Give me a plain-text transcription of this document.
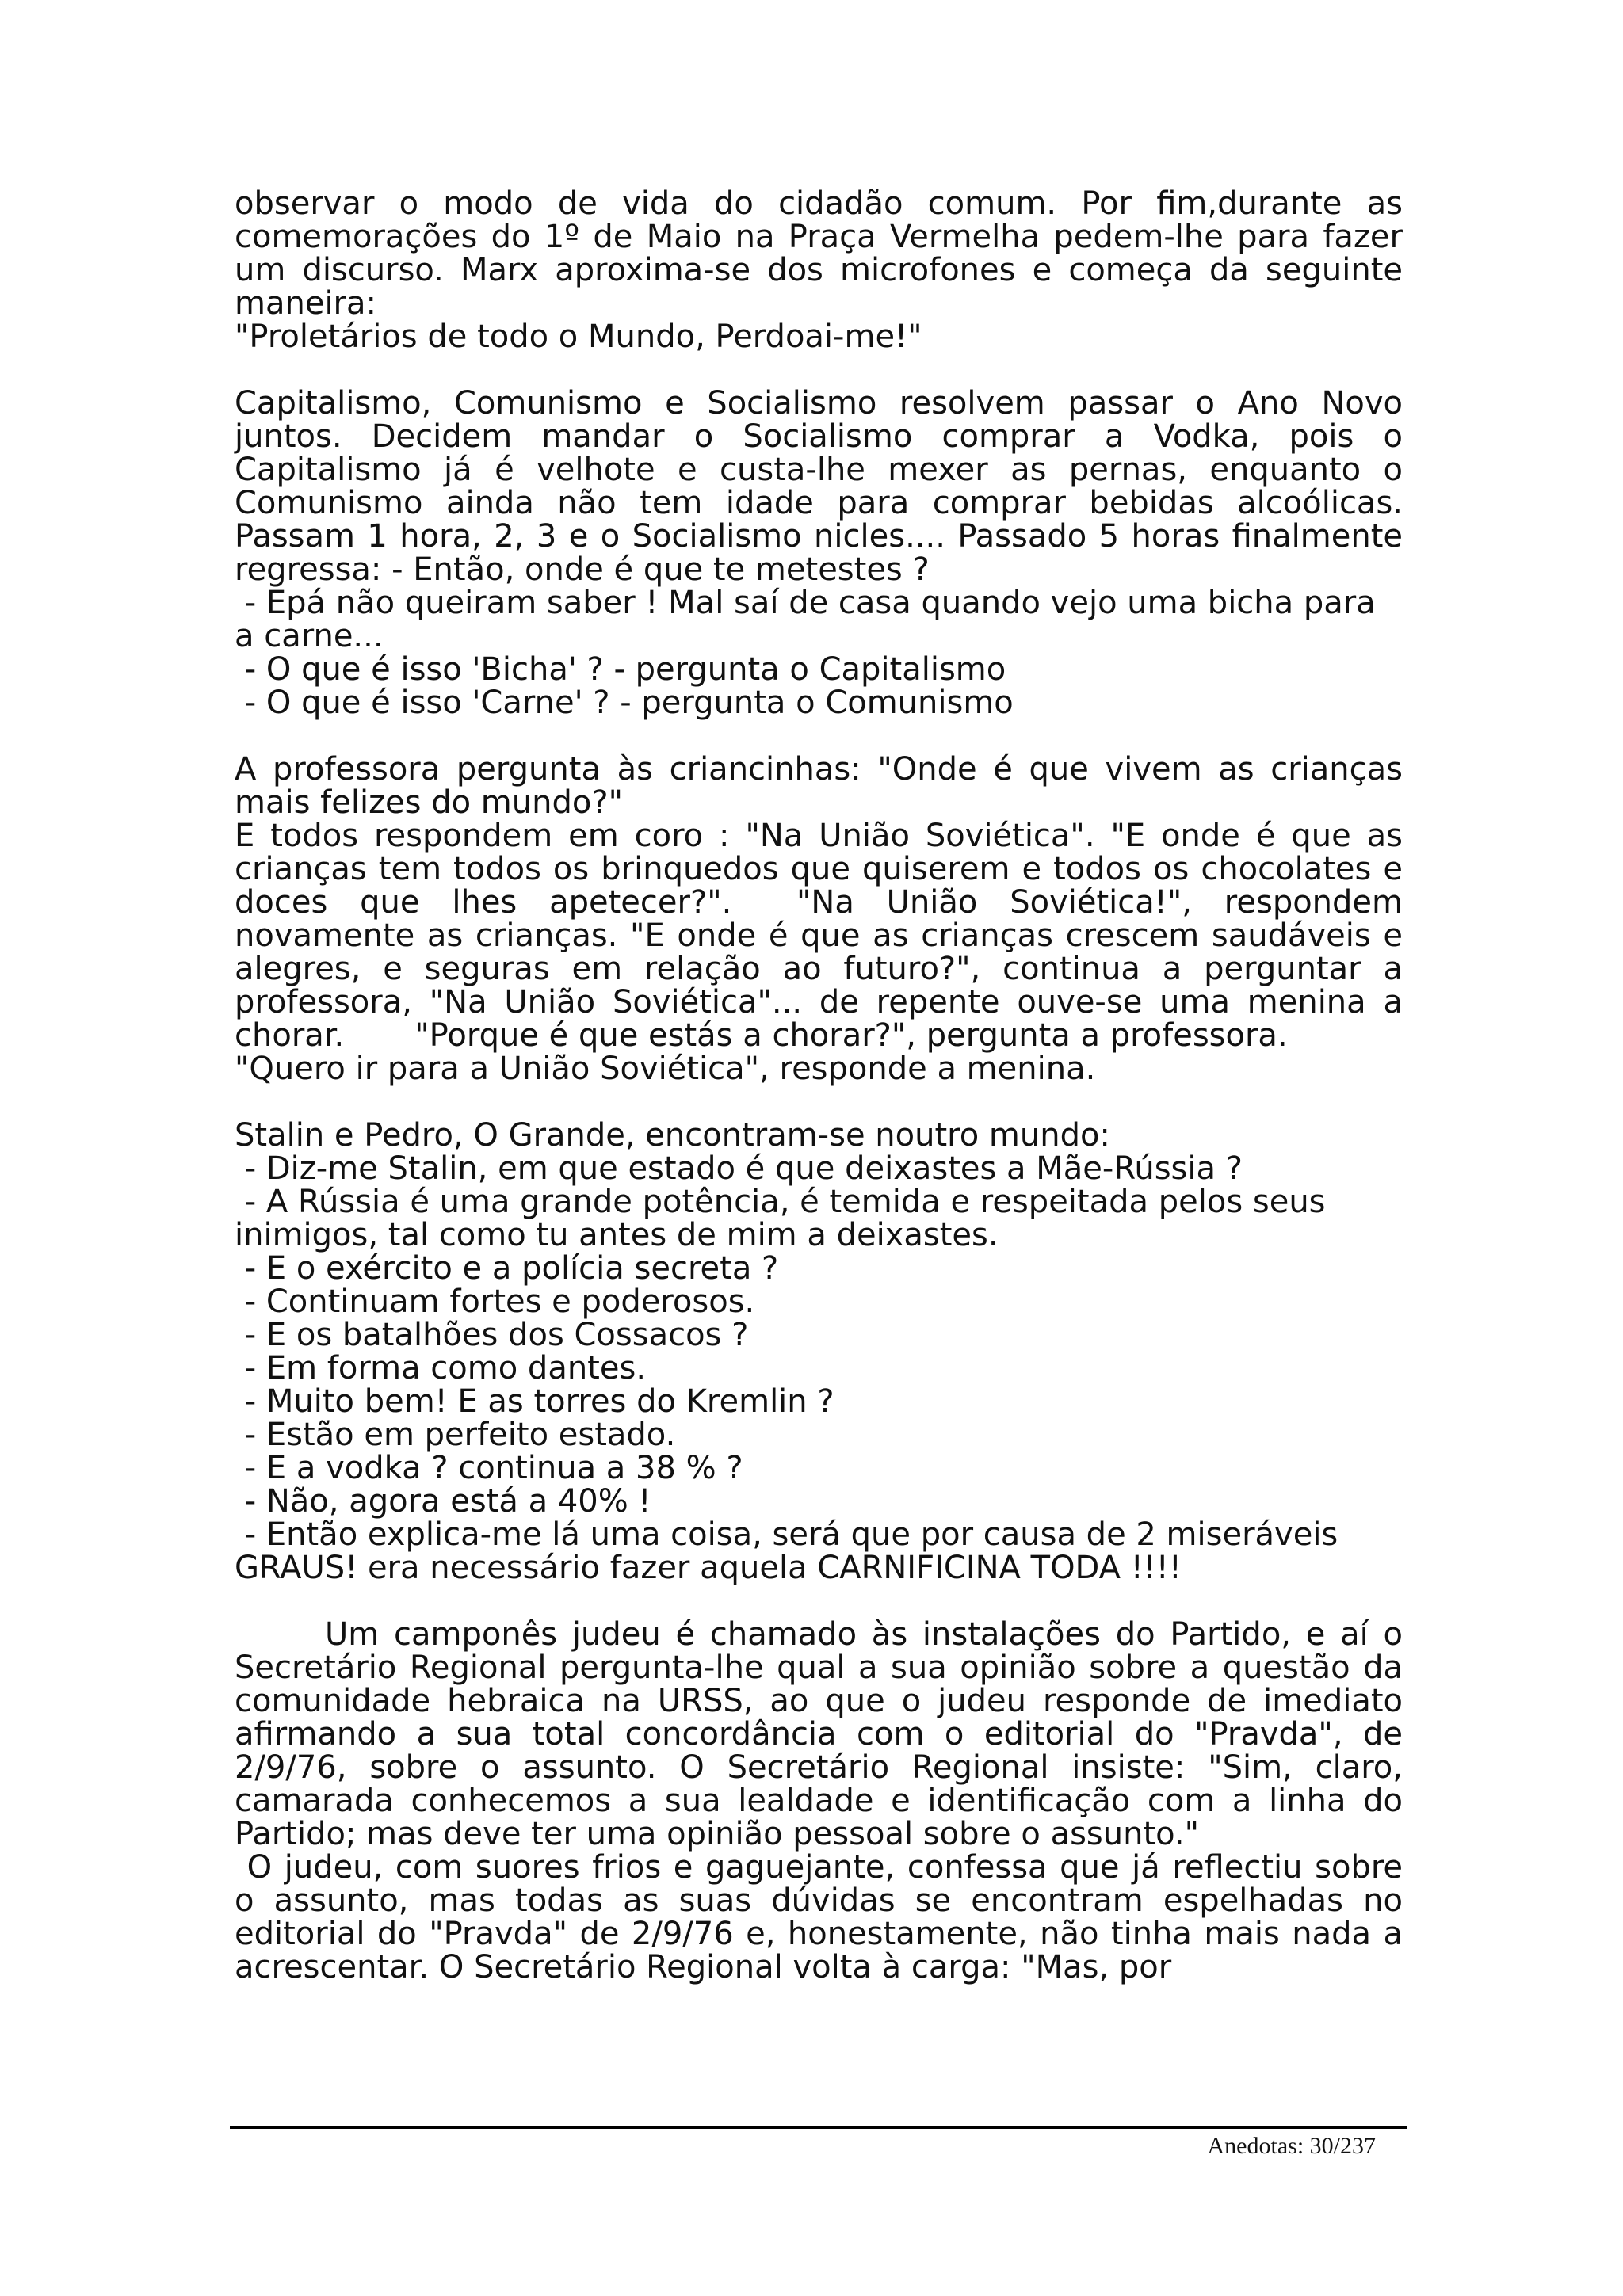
observar o modo de vida do cidadão comum. Por fim,durante as comemorações do 1º de Maio na Praça Vermelha pedem-lhe para fazer um discurso. Marx aproxima-se dos microfones e começa da seguinte maneira:

"Proletários de todo o Mundo, Perdoai-me!"

Capitalismo, Comunismo e Socialismo resolvem passar o Ano Novo juntos. Decidem mandar o Socialismo comprar a Vodka, pois o Capitalismo já é velhote e custa-lhe mexer as pernas, enquanto o Comunismo ainda não tem idade para comprar bebidas alcoólicas. Passam 1 hora, 2, 3 e o Socialismo nicles.... Passado 5 horas finalmente regressa: - Então, onde é que te metestes ?

- Epá não queiram saber ! Mal saí de casa quando vejo uma bicha para a carne...

- O que é isso 'Bicha' ? - pergunta o Capitalismo

- O que é isso 'Carne' ? - pergunta o Comunismo

A professora pergunta às criancinhas: "Onde é que vivem as crianças mais felizes do mundo?"

E todos respondem em coro : "Na União Soviética". "E onde é que as crianças tem todos os brinquedos que quiserem e todos os chocolates e doces que lhes apetecer?".  "Na União Soviética!", respondem novamente as crianças. "E onde é que as crianças crescem saudáveis e alegres, e seguras em relação ao futuro?", continua a perguntar a professora, "Na União Soviética"... de repente ouve-se uma menina a chorar.       "Porque é que estás a chorar?", pergunta a professora.

"Quero ir para a União Soviética", responde a menina.

Stalin e Pedro, O Grande, encontram-se noutro mundo:

- Diz-me Stalin, em que estado é que deixastes a Mãe-Rússia ?

- A Rússia é uma grande potência, é temida e respeitada pelos seus inimigos, tal como tu antes de mim a deixastes.

- E o exército e a polícia secreta ?

- Continuam fortes e poderosos.

- E os batalhões dos Cossacos ?

- Em forma como dantes.

- Muito bem! E as torres do Kremlin ?

- Estão em perfeito estado.

- E a vodka ? continua a 38 % ?

- Não, agora está a 40% !

- Então explica-me lá uma coisa, será que por causa de 2 miseráveis GRAUS! era necessário fazer aquela CARNIFICINA TODA !!!!

Um camponês judeu é chamado às instalações do Partido, e aí o Secretário Regional pergunta-lhe qual a sua opinião sobre a questão da comunidade hebraica na URSS, ao que o judeu responde de imediato afirmando a sua total concordância com o editorial do "Pravda", de 2/9/76, sobre o assunto. O Secretário Regional insiste: "Sim, claro, camarada conhecemos a sua lealdade e identificação com a linha do Partido; mas deve ter uma opinião pessoal sobre o assunto."

O judeu, com suores frios e gaguejante, confessa que já reflectiu sobre o assunto, mas todas as suas dúvidas se encontram espelhadas no editorial do "Pravda" de 2/9/76 e, honestamente, não tinha mais nada a acrescentar. O Secretário Regional volta à carga: "Mas, por

Anedotas: 30/237
